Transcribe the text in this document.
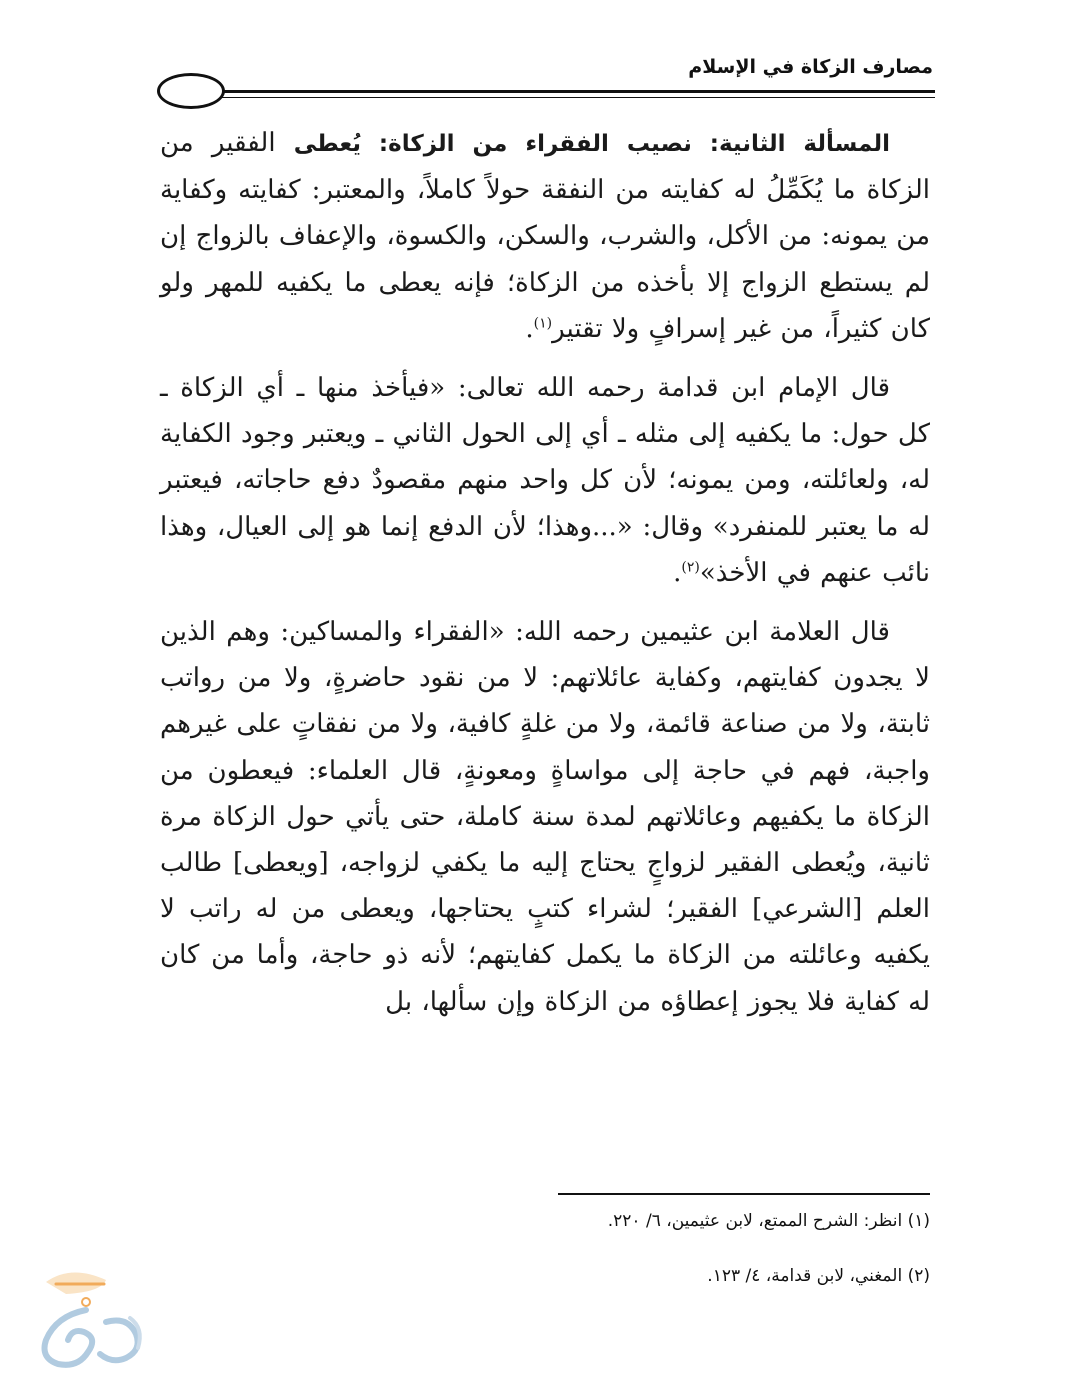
مصارف الزكاة في الإسلام

المسألة الثانية: نصيب الفقراء من الزكاة: يُعطى الفقير من الزكاة ما يُكَمِّلُ له كفايته من النفقة حولاً كاملاً، والمعتبر: كفايته وكفاية من يمونه: من الأكل، والشرب، والسكن، والكسوة، والإعفاف بالزواج إن لم يستطع الزواج إلا بأخذه من الزكاة؛ فإنه يعطى ما يكفيه للمهر ولو كان كثيراً، من غير إسرافٍ ولا تقتير$^{(١)}$.

قال الإمام ابن قدامة رحمه الله تعالى: «فيأخذ منها ـ أي الزكاة ـ كل حول: ما يكفيه إلى مثله ـ أي إلى الحول الثاني ـ ويعتبر وجود الكفاية له، ولعائلته، ومن يمونه؛ لأن كل واحد منهم مقصودٌ دفع حاجاته، فيعتبر له ما يعتبر للمنفرد» وقال: «...وهذا؛ لأن الدفع إنما هو إلى العيال، وهذا نائب عنهم في الأخذ»$^{(٢)}$.

قال العلامة ابن عثيمين رحمه الله: «الفقراء والمساكين: وهم الذين لا يجدون كفايتهم، وكفاية عائلاتهم: لا من نقود حاضرةٍ، ولا من رواتب ثابتة، ولا من صناعة قائمة، ولا من غلةٍ كافية، ولا من نفقاتٍ على غيرهم واجبة، فهم في حاجة إلى مواساةٍ ومعونةٍ، قال العلماء: فيعطون من الزكاة ما يكفيهم وعائلاتهم لمدة سنة كاملة، حتى يأتي حول الزكاة مرة ثانية، ويُعطى الفقير لزواجٍ يحتاج إليه ما يكفي لزواجه، [ويعطى] طالب العلم [الشرعي] الفقير؛ لشراء كتبٍ يحتاجها، ويعطى من له راتب لا يكفيه وعائلته من الزكاة ما يكمل كفايتهم؛ لأنه ذو حاجة، وأما من كان له كفاية فلا يجوز إعطاؤه من الزكاة وإن سألها، بل

(١) انظر: الشرح الممتع، لابن عثيمين، ٦/ ٢٢٠.
(٢) المغني، لابن قدامة، ٤/ ١٢٣.
